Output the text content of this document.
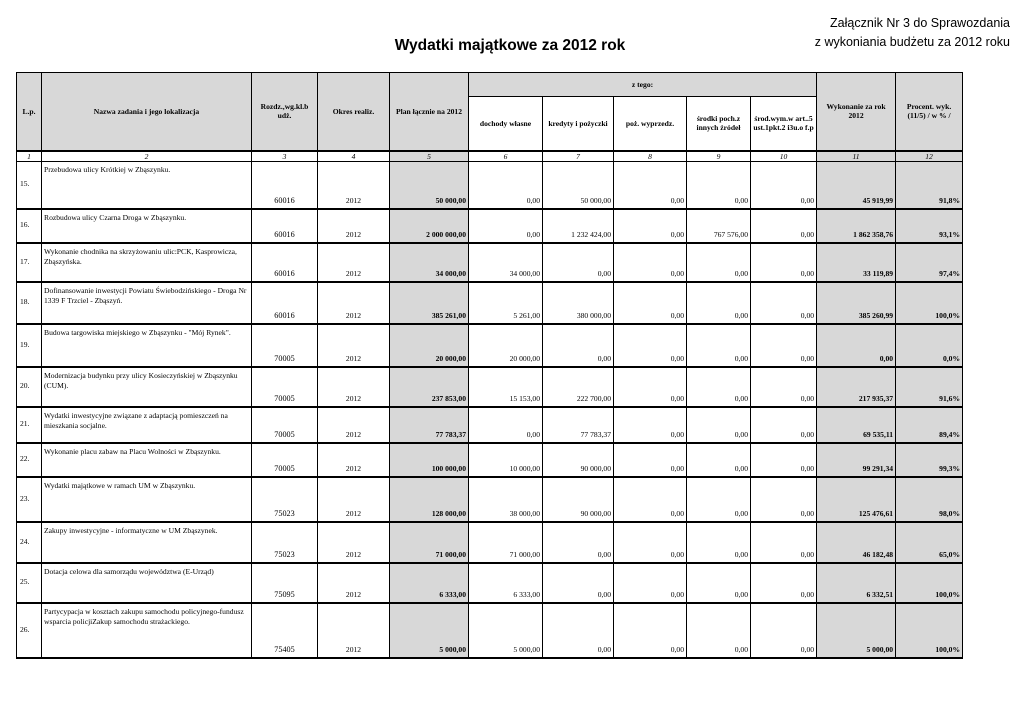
Załącznik Nr 3 do Sprawozdania
z wykoniania budżetu za 2012 roku
Wydatki majątkowe za 2012 rok
L.p.	Nazwa zadania i jego lokalizacja	Rozdz.,wg.kl.b udż.	Okres realiz.	Plan łącznie na 2012	z tego:					Wykonanie za rok 2012	Procent. wyk. (11/5) / w % /
					dochody własne	kredyty i pożyczki	poż. wyprzedz.	środki poch.z innych źródeł	środ.wym.w art..5 ust.1pkt.2 i3u.o f.p		
1	2	3	4	5	6	7	8	9	10	11	12
15.	Przebudowa ulicy Krótkiej w Zbąszynku.	60016	2012	50 000,00	0,00	50 000,00	0,00	0,00	0,00	45 919,99	91,8%
16.	Rozbudowa ulicy Czarna Droga w Zbąszynku.	60016	2012	2 000 000,00	0,00	1 232 424,00	0,00	767 576,00	0,00	1 862 358,76	93,1%
17.	Wykonanie chodnika na skrzyżowaniu ulic:PCK, Kasprowicza, Zbąszyńska.	60016	2012	34 000,00	34 000,00	0,00	0,00	0,00	0,00	33 119,89	97,4%
18.	Dofinansowanie inwestycji Powiatu Świebodzińskiego - Droga Nr 1339 F Trzciel - Zbąszyń.	60016	2012	385 261,00	5 261,00	380 000,00	0,00	0,00	0,00	385 260,99	100,0%
19.	Budowa targowiska miejskiego w Zbąszynku - "Mój Rynek".	70005	2012	20 000,00	20 000,00	0,00	0,00	0,00	0,00	0,00	0,0%
20.	Modernizacja budynku przy ulicy Kosieczyńskiej w Zbąszynku (CUM).	70005	2012	237 853,00	15 153,00	222 700,00	0,00	0,00	0,00	217 935,37	91,6%
21.	Wydatki inwestycyjne związane z adaptacją pomieszczeń na mieszkania socjalne.	70005	2012	77 783,37	0,00	77 783,37	0,00	0,00	0,00	69 535,11	89,4%
22.	Wykonanie placu zabaw na Placu Wolności w Zbąszynku.	70005	2012	100 000,00	10 000,00	90 000,00	0,00	0,00	0,00	99 291,34	99,3%
23.	Wydatki majątkowe w ramach UM w Zbąszynku.	75023	2012	128 000,00	38 000,00	90 000,00	0,00	0,00	0,00	125 476,61	98,0%
24.	Zakupy inwestycyjne - informatyczne w UM Zbąszynek.	75023	2012	71 000,00	71 000,00	0,00	0,00	0,00	0,00	46 182,48	65,0%
25.	Dotacja celowa dla samorządu województwa (E-Urząd)	75095	2012	6 333,00	6 333,00	0,00	0,00	0,00	0,00	6 332,51	100,0%
26.	Partycypacja w kosztach zakupu samochodu policyjnego-fundusz wsparcia policjiZakup samochodu strażackiego.	75405	2012	5 000,00	5 000,00	0,00	0,00	0,00	0,00	5 000,00	100,0%
